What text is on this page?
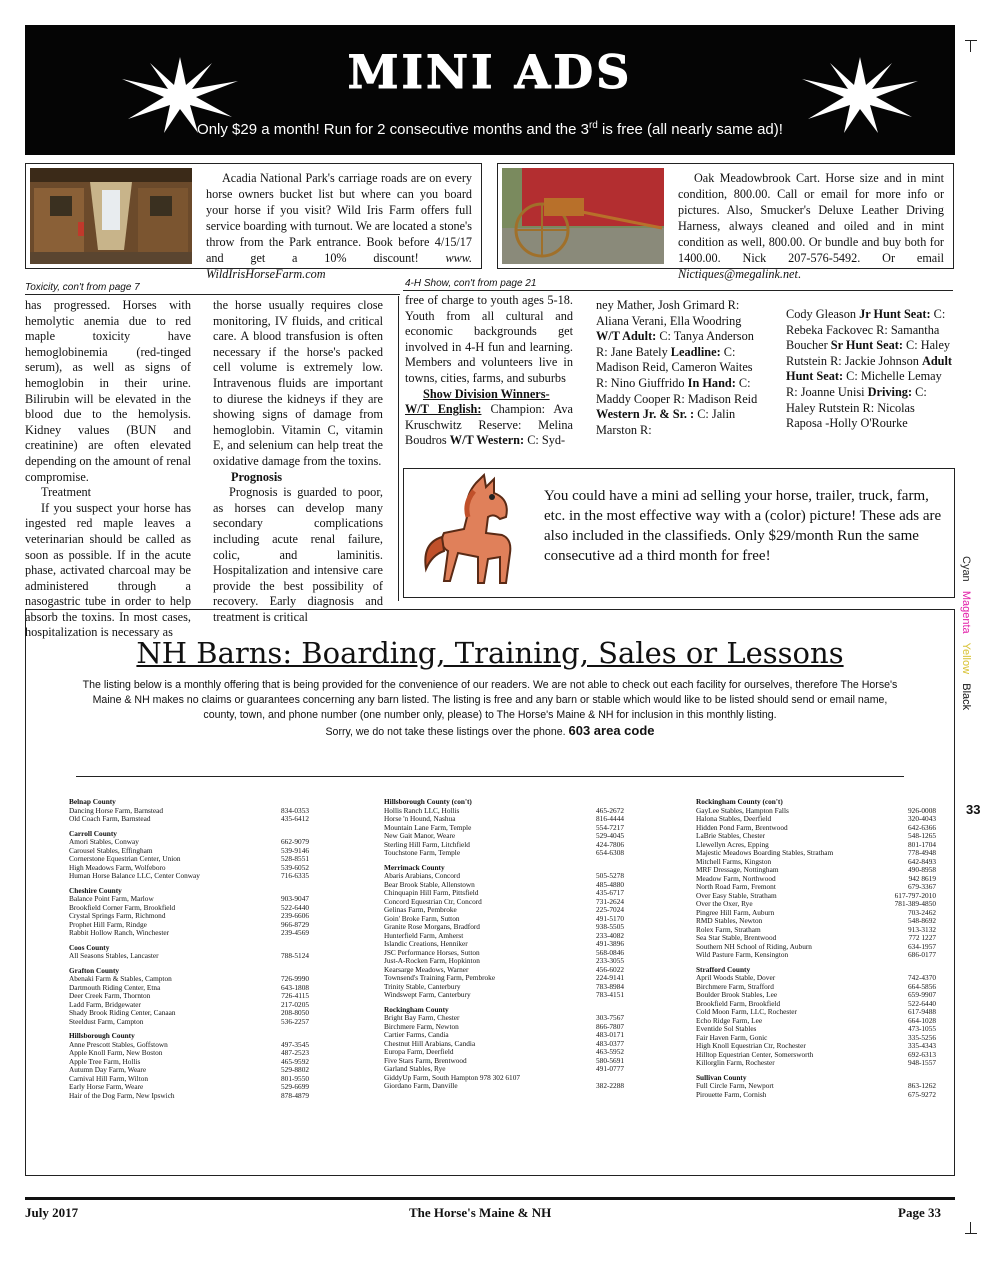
MINI ADS
Only $29 a month! Run for 2 consecutive months and the 3rd is free (all nearly same ad)!
Acadia National Park's carriage roads are on every horse owners bucket list but where can you board your horse if you visit? Wild Iris Farm offers full service boarding with turnout. We are located a stone's throw from the Park entrance. Book before 4/15/17 and get a 10% discount! www. WildIrisHorseFarm.com
Oak Meadowbrook Cart. Horse size and in mint condition, 800.00. Call or email for more info or pictures. Also, Smucker's Deluxe Leather Driving Harness, always cleaned and oiled and in mint condition as well, 800.00. Or bundle and buy both for 1400.00. Nick 207-576-5492. Or email Nictiques@megalink.net.
Toxicity, con't from page 7	4-H Show, con't from page 21

has progressed. Horses with hemolytic anemia due to red maple toxicity have hemoglobinemia (red-tinged serum), as well as signs of hemoglobin in their urine. Bilirubin will be elevated in the blood due to the hemolysis. Kidney values (BUN and creatinine) are often elevated depending on the amount of renal compromise.

Treatment

If you suspect your horse has ingested red maple leaves a veterinarian should be called as soon as possible. If in the acute phase, activated charcoal may be administered through a nasogastric tube in order to help absorb the toxins. In most cases, hospitalization is necessary as

the horse usually requires close monitoring, IV fluids, and critical care. A blood transfusion is often necessary if the horse's packed cell volume is extremely low. Intravenous fluids are important to diurese the kidneys if they are showing signs of damage from hemoglobin. Vitamin C, vitamin E, and selenium can help treat the oxidative damage from the toxins.

Prognosis

Prognosis is guarded to poor, as horses can develop many secondary complications including acute renal failure, colic, and laminitis. Hospitalization and intensive care provide the best possibility of recovery. Early diagnosis and treatment is critical

free of charge to youth ages 5-18. Youth from all cultural and economic backgrounds get involved in 4-H fun and learning. Members and volunteers live in towns, cities, farms, and suburbs

Show Division Winners-

W/T English: Champion: Ava Kruschwitz Reserve: Melina Boudros W/T Western: C: Syd-

ney Mather, Josh Grimard R: Aliana Verani, Ella Woodring W/T Adult: C: Tanya Anderson R: Jane Bately Leadline: C: Madison Reid, Cameron Waites R: Nino Giuffrido In Hand: C: Maddy Cooper R: Madison Reid Western Jr. & Sr. : C: Jalin Marston R:

Cody Gleason Jr Hunt Seat: C: Rebeka Fackovec R: Samantha Boucher Sr Hunt Seat: C: Haley Rutstein R: Jackie Johnson Adult Hunt Seat: C: Michelle Lemay R: Joanne Unisi Driving: C: Haley Rutstein R: Nicolas Raposa -Holly O'Rourke

You could have a mini ad selling your horse, trailer, truck, farm, etc. in the most effective way with a (color) picture! These ads are also included in the classifieds. Only $29/month Run the same consecutive ad a third month for free!
NH Barns: Boarding, Training, Sales or Lessons
The listing below is a monthly offering that is being provided for the convenience of our readers. We are not able to check out each facility for ourselves, therefore The Horse's Maine & NH makes no claims or guarantees concerning any barn listed. The listing is free and any barn or stable which would like to be listed should send or email name, county, town, and phone number (one number only, please) to The Horse's Maine & NH for inclusion in this monthly listing.
Sorry, we do not take these listings over the phone. 603 area code
Belnap County
Dancing Horse Farm, Barnstead	834-0353
Old Coach Farm, Barnstead	435-6412
Carroll County
Amori Stables, Conway	662-9079
Carousel Stables, Effingham	539-9146
Cornerstone Equestrian Center, Union	528-8551
High Meadows Farm, Wolfeboro	539-6052
Human Horse Balance LLC, Center Conway	716-6335
Cheshire County
Balance Point Farm, Marlow	903-9047
Brookfield Corner Farm, Brookfield	522-6440
Crystal Springs Farm, Richmond	239-6606
Prophet Hill Farm, Rindge	966-8729
Rabbit Hollow Ranch, Winchester	239-4569
Coos County
All Seasons Stables, Lancaster	788-5124
Grafton County
Abenaki Farm & Stables, Campton	726-9990
Dartmouth Riding Center, Etna	643-1808
Deer Creek Farm, Thornton	726-4115
Ladd Farm, Bridgewater	217-0205
Shady Brook Riding Center, Canaan	208-8050
Steeldust Farm, Campton	536-2257
Hillsborough County
Anne Prescott Stables, Goffstown	497-3545
Apple Knoll Farm, New Boston	487-2523
Apple Tree Farm, Hollis	465-9592
Autumn Day Farm, Weare	529-8802
Carnival Hill Farm, Wilton	801-9550
Early Horse Farm, Weare	529-6699
Hair of the Dog Farm, New Ipswich	878-4879
Hillsborough County (con't)
Hollis Ranch LLC, Hollis	465-2672
Horse 'n Hound, Nashua	816-4444
Mountain Lane Farm, Temple	554-7217
New Gait Manor, Weare	529-4045
Sterling Hill Farm, Litchfield	424-7806
Touchstone Farm, Temple	654-6308
Merrimack County
Abaris Arabians, Concord	505-5278
Bear Brook Stable, Allenstown	485-4880
Chinquapin Hill Farm, Pittsfield	435-6717
Concord Equestrian Ctr, Concord	731-2624
Gelinas Farm, Pembroke	225-7024
Goin' Broke Farm, Sutton	491-5170
Granite Rose Morgans, Bradford	938-5505
Hunterfield Farm, Amherst	233-4082
Islandic Creations, Henniker	491-3896
JSC Performance Horses, Sutton	568-0846
Just-A-Rocken Farm, Hopkinton	233-3055
Kearsarge Meadows, Warner	456-6022
Townsend's Training Farm, Pembroke	224-9141
Trinity Stable, Canterbury	783-8984
Windswept Farm, Canterbury	783-4151
Rockingham County
Bright Bay Farm, Chester	303-7567
Birchmere Farm, Newton	866-7807
Cartier Farms, Candia	483-0171
Chestnut Hill Arabians, Candia	483-0377
Europa Farm, Deerfield	463-5952
Five Stars Farm, Brentwood	580-5691
Garland Stables, Rye	491-0777
GiddyUp Farm, South Hampton 978 302 6107
Giordano Farm, Danville	382-2288
Rockingham County (con't)
GayLee Stables, Hampton Falls	926-0008
Halona Stables, Deerfield	320-4043
Hidden Pond Farm, Brentwood	642-6366
LaBrie Stables, Chester	548-1265
Llewellyn Acres, Epping	801-1704
Majestic Meadows Boarding Stables, Stratham	778-4948
Mitchell Farms, Kingston	642-8493
MRF Dressage, Nottingham	490-8958
Meadow Farm, Northwood	942 8619
North Road Farm, Fremont	679-3367
Over Easy Stable, Stratham	617-797-2010
Over the Oxer, Rye	781-389-4850
Pingree Hill Farm, Auburn	703-2462
RMD Stables, Newton	548-8692
Rolex Farm, Stratham	913-3132
Sea Star Stable, Brentwood	772 1227
Southern NH School of Riding, Auburn	634-1957
Wild Pasture Farm, Kensington	686-0177
Strafford County
April Woods Stable, Dover	742-4370
Birchmere Farm, Strafford	664-5856
Boulder Brook Stables, Lee	659-9907
Brookfield Farm, Brookfield	522-6440
Cold Moon Farm, LLC, Rochester	617-9488
Echo Ridge Farm, Lee	664-1028
Eventide Sol Stables	473-1055
Fair Haven Farm, Gonic	335-5256
High Knoll Equestrian Ctr, Rochester	335-4343
Hilltop Equestrian Center, Somersworth	692-6313
Killorglin Farm, Rochester	948-1557
Sullivan County
Full Circle Farm, Newport	863-1262
Pirouette Farm, Cornish	675-9272
Cyan   Magenta   Yellow   Black
33
July 2017	The Horse's Maine & NH	Page 33
